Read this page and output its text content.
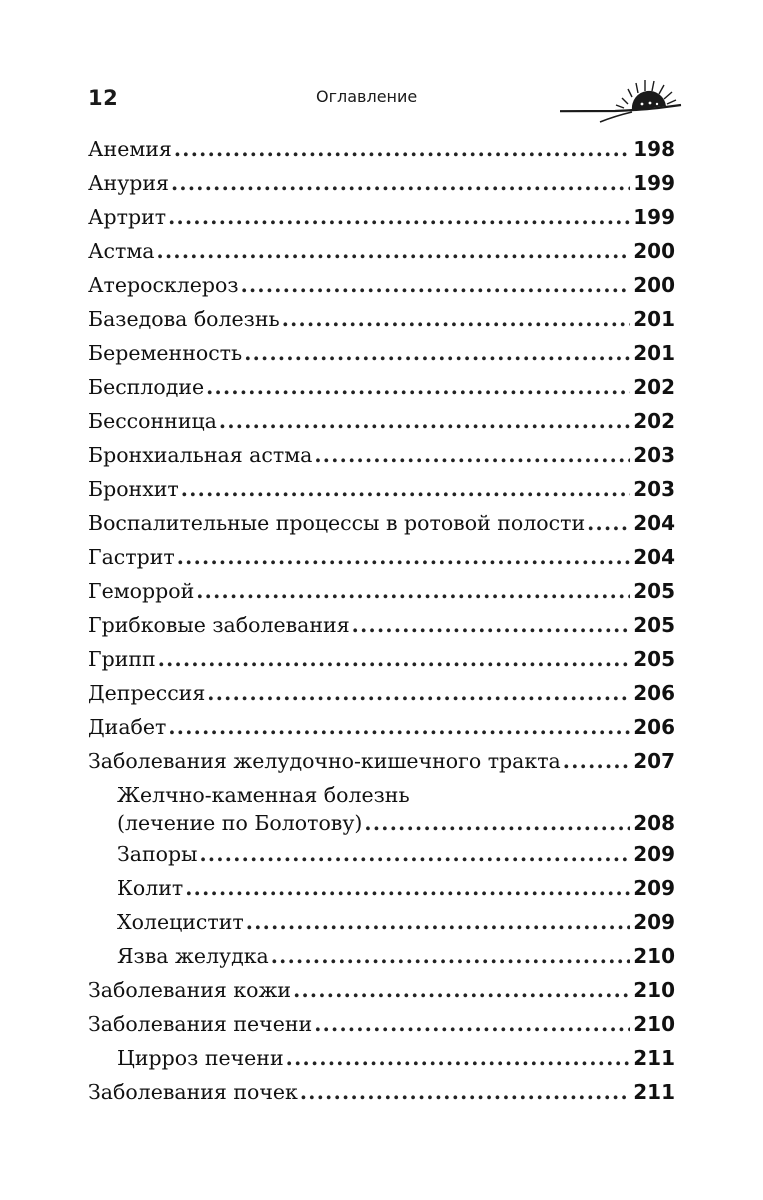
12	Оглавление
Анемия .....	198
Анурия .....	199
Артрит .....	199
Астма .....	200
Атеросклероз .....	200
Базедова болезнь .....	201
Беременность .....	201
Бесплодие .....	202
Бессонница .....	202
Бронхиальная астма .....	203
Бронхит .....	203
Воспалительные процессы в ротовой полости ..... 204
Гастрит .....	204
Геморрой .....	205
Грибковые заболевания .....	205
Грипп .....	205
Депрессия .....	206
Диабет .....	206
Заболевания желудочно-кишечного тракта .....	207
Желчно-каменная болезнь
(лечение по Болотову) .....	208
Запоры .....	209
Колит .....	209
Холецистит .....	209
Язва желудка .....	210
Заболевания кожи .....	210
Заболевания печени .....	210
Цирроз печени .....	211
Заболевания почек .....	211
